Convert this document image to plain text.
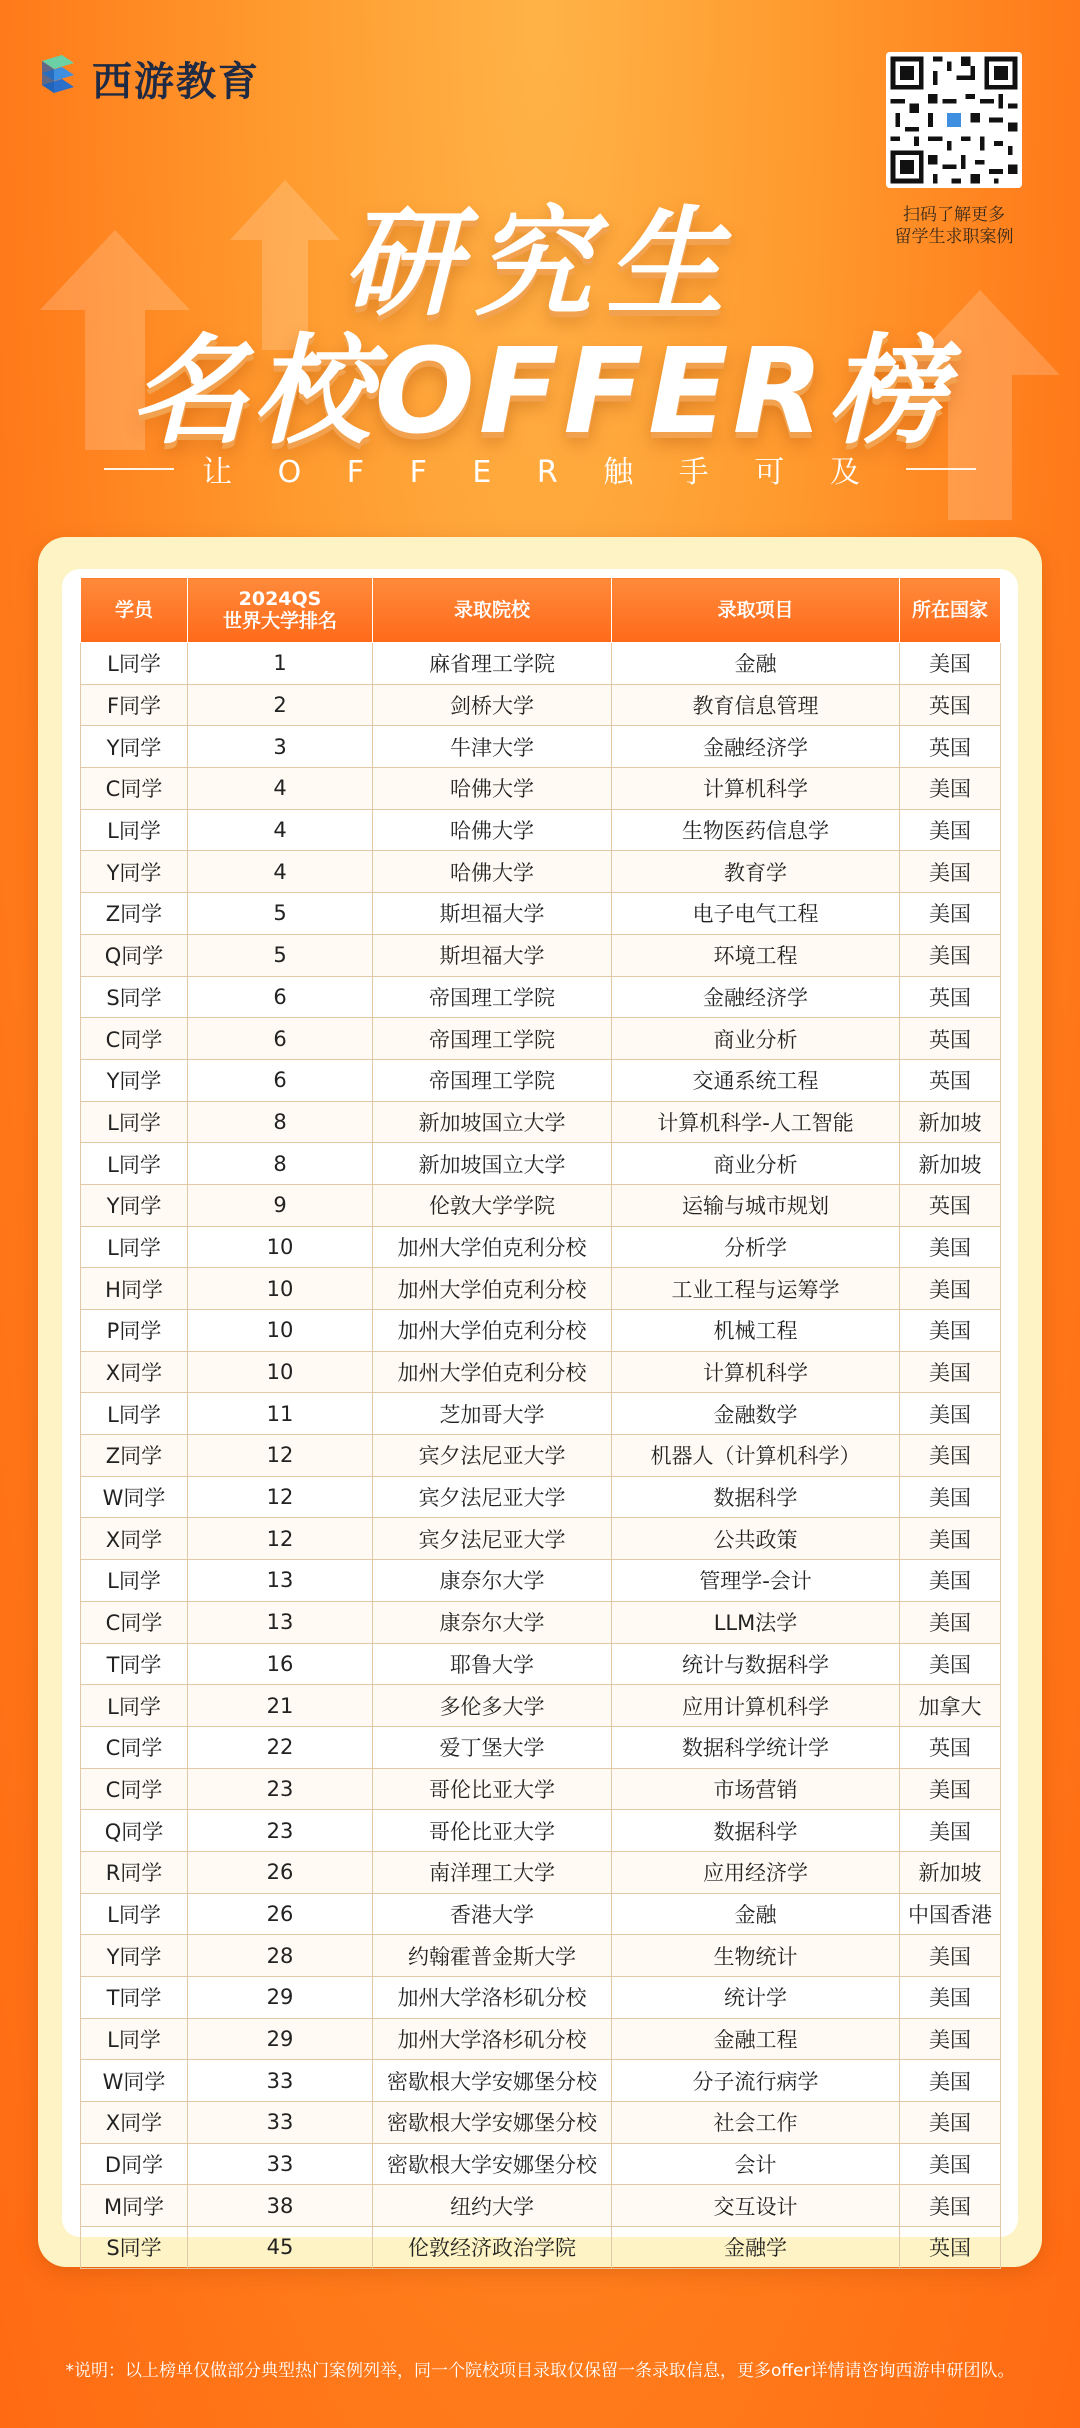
西游教育
扫码了解更多
留学生求职案例
研究生
名校OFFER榜
让 O F F E R 触 手 可 及
学员	2024QS
世界大学排名	录取院校	录取项目	所在国家
L同学	1	麻省理工学院	金融	美国
F同学	2	剑桥大学	教育信息管理	英国
Y同学	3	牛津大学	金融经济学	英国
C同学	4	哈佛大学	计算机科学	美国
L同学	4	哈佛大学	生物医药信息学	美国
Y同学	4	哈佛大学	教育学	美国
Z同学	5	斯坦福大学	电子电气工程	美国
Q同学	5	斯坦福大学	环境工程	美国
S同学	6	帝国理工学院	金融经济学	英国
C同学	6	帝国理工学院	商业分析	英国
Y同学	6	帝国理工学院	交通系统工程	英国
L同学	8	新加坡国立大学	计算机科学-人工智能	新加坡
L同学	8	新加坡国立大学	商业分析	新加坡
Y同学	9	伦敦大学学院	运输与城市规划	英国
L同学	10	加州大学伯克利分校	分析学	美国
H同学	10	加州大学伯克利分校	工业工程与运筹学	美国
P同学	10	加州大学伯克利分校	机械工程	美国
X同学	10	加州大学伯克利分校	计算机科学	美国
L同学	11	芝加哥大学	金融数学	美国
Z同学	12	宾夕法尼亚大学	机器人（计算机科学）	美国
W同学	12	宾夕法尼亚大学	数据科学	美国
X同学	12	宾夕法尼亚大学	公共政策	美国
L同学	13	康奈尔大学	管理学-会计	美国
C同学	13	康奈尔大学	LLM法学	美国
T同学	16	耶鲁大学	统计与数据科学	美国
L同学	21	多伦多大学	应用计算机科学	加拿大
C同学	22	爱丁堡大学	数据科学统计学	英国
C同学	23	哥伦比亚大学	市场营销	美国
Q同学	23	哥伦比亚大学	数据科学	美国
R同学	26	南洋理工大学	应用经济学	新加坡
L同学	26	香港大学	金融	中国香港
Y同学	28	约翰霍普金斯大学	生物统计	美国
T同学	29	加州大学洛杉矶分校	统计学	美国
L同学	29	加州大学洛杉矶分校	金融工程	美国
W同学	33	密歇根大学安娜堡分校	分子流行病学	美国
X同学	33	密歇根大学安娜堡分校	社会工作	美国
D同学	33	密歇根大学安娜堡分校	会计	美国
M同学	38	纽约大学	交互设计	美国
S同学	45	伦敦经济政治学院	金融学	英国
*说明：以上榜单仅做部分典型热门案例列举，同一个院校项目录取仅保留一条录取信息，更多offer详情请咨询西游申研团队。
